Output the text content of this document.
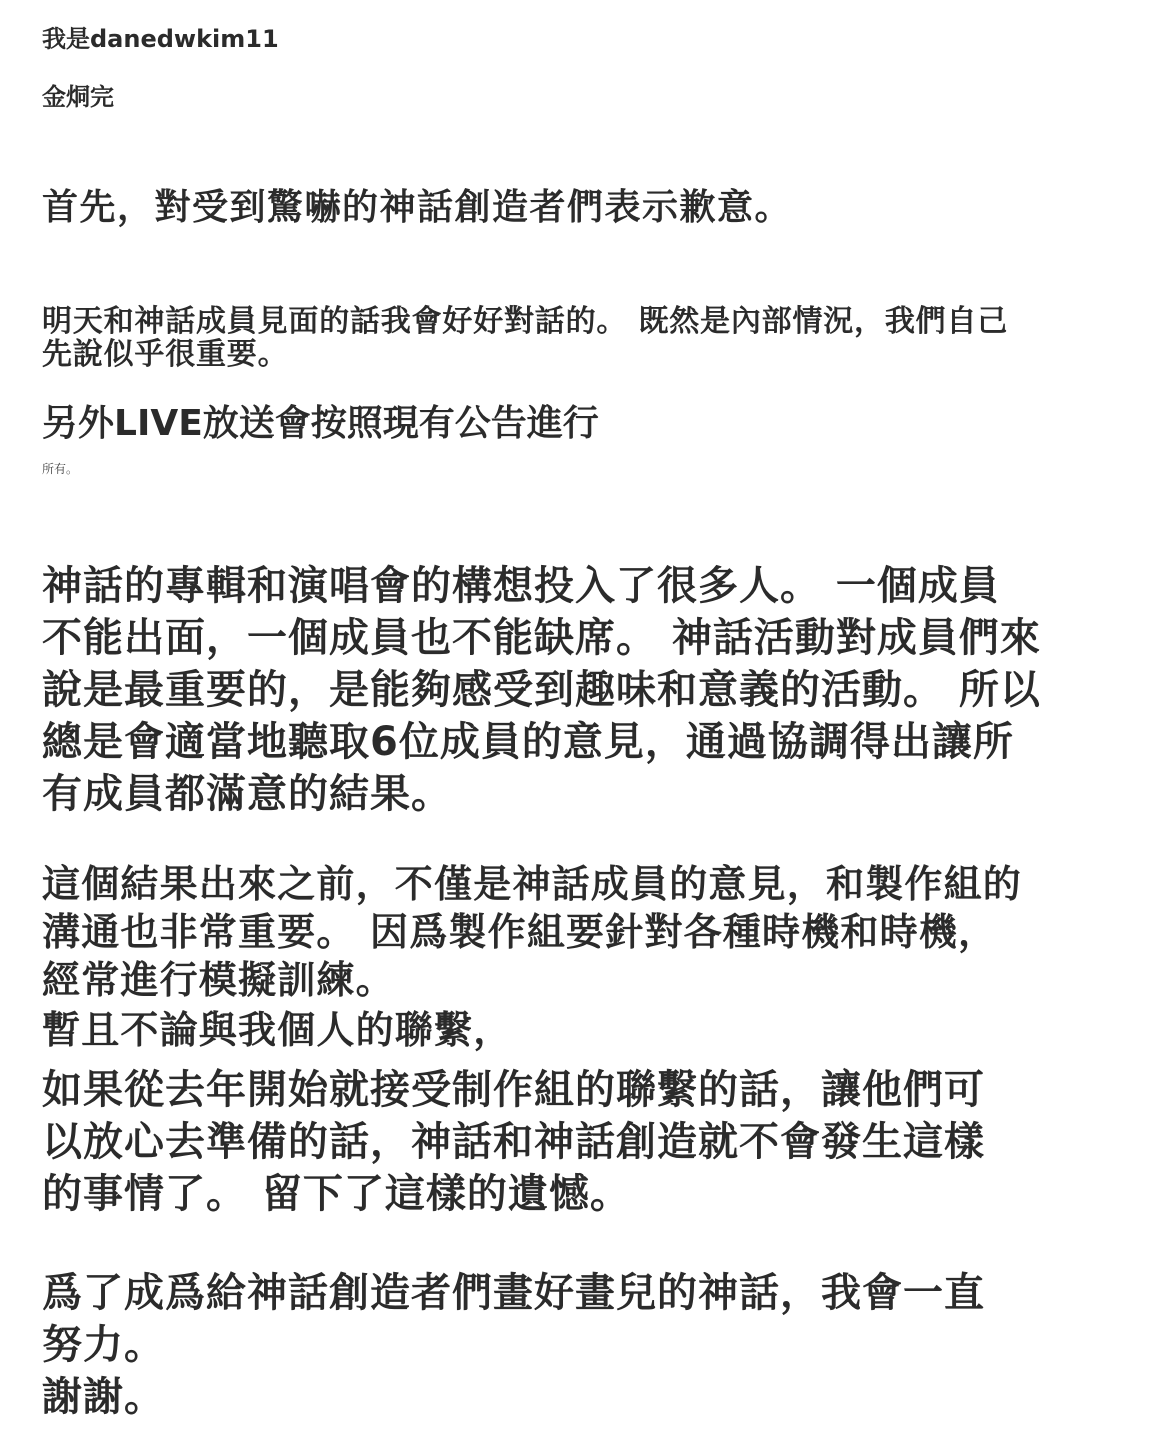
我是danedwkim11
金烔完
首先，對受到驚嚇的神話創造者們表示歉意。
明天和神話成員見面的話我會好好對話的。 既然是內部情況，我們自己
先說似乎很重要。
另外LIVE放送會按照現有公告進行
所有。
神話的專輯和演唱會的構想投入了很多人。 一個成員
不能出面，一個成員也不能缺席。 神話活動對成員們來
說是最重要的，是能夠感受到趣味和意義的活動。 所以
總是會適當地聽取6位成員的意見，通過協調得出讓所
有成員都滿意的結果。
這個結果出來之前，不僅是神話成員的意見，和製作組的
溝通也非常重要。 因爲製作組要針對各種時機和時機，
經常進行模擬訓練。
暫且不論與我個人的聯繫，
如果從去年開始就接受制作組的聯繫的話，讓他們可
以放心去準備的話，神話和神話創造就不會發生這樣
的事情了。 留下了這樣的遺憾。
爲了成爲給神話創造者們畫好畫兒的神話，我會一直
努力。
謝謝。
